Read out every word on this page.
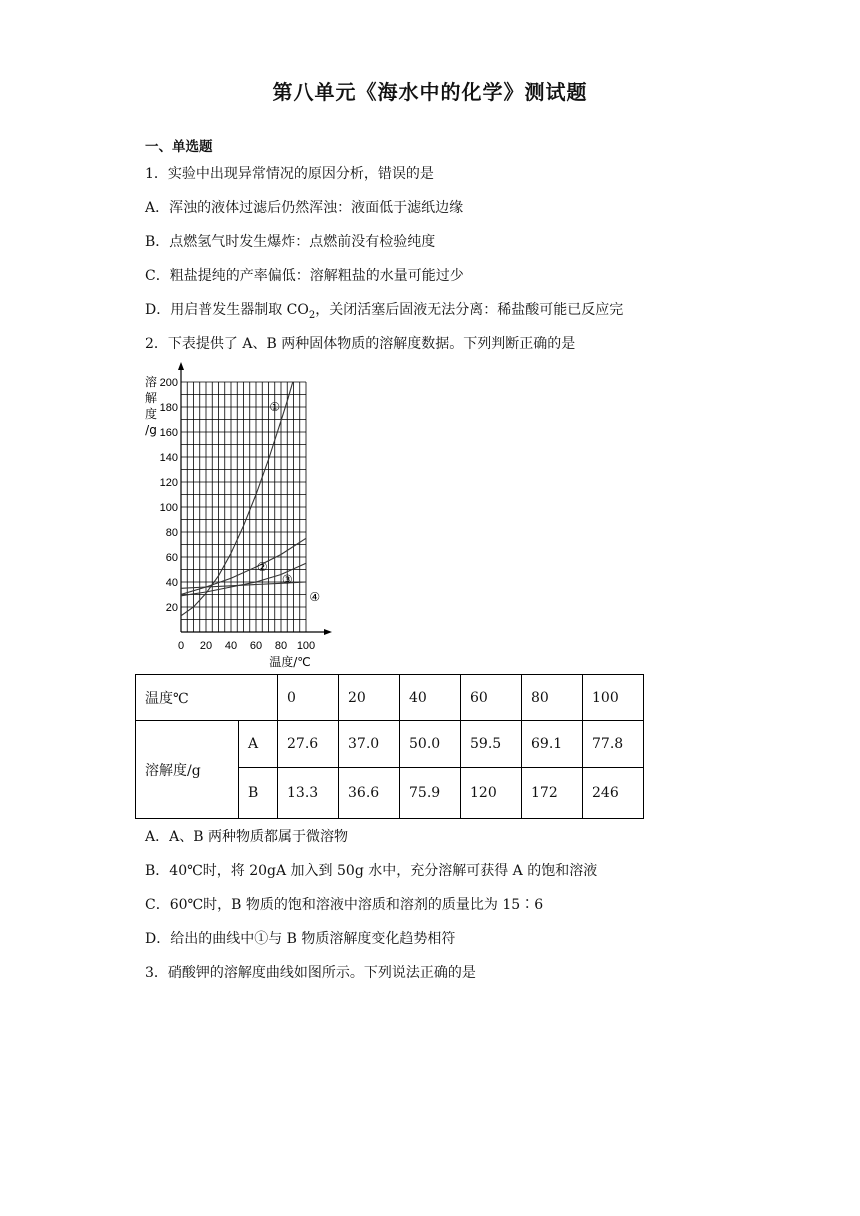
第八单元《海水中的化学》测试题
一、单选题
1．实验中出现异常情况的原因分析，错误的是
A．浑浊的液体过滤后仍然浑浊：液面低于滤纸边缘
B．点燃氢气时发生爆炸：点燃前没有检验纯度
C．粗盐提纯的产率偏低：溶解粗盐的水量可能过少
D．用启普发生器制取 $CO_2$，关闭活塞后固液无法分离：稀盐酸可能已反应完
2．下表提供了 A、B 两种固体物质的溶解度数据。下列判断正确的是
20
40
60
80
100
120
140
160
180
200
0 20 40 60 80 100
溶
解
度
/g
温度/℃
①
②
③
④
温度℃		0	20	40	60	80	100
溶解度/g	A	27.6	37.0	50.0	59.5	69.1	77.8
	B	13.3	36.6	75.9	120	172	246
A．A、B 两种物质都属于微溶物
B．40℃时，将 20gA 加入到 50g 水中，充分溶解可获得 A 的饱和溶液
C．60℃时，B 物质的饱和溶液中溶质和溶剂的质量比为 15∶6
D．给出的曲线中①与 B 物质溶解度变化趋势相符
3．硝酸钾的溶解度曲线如图所示。下列说法正确的是
